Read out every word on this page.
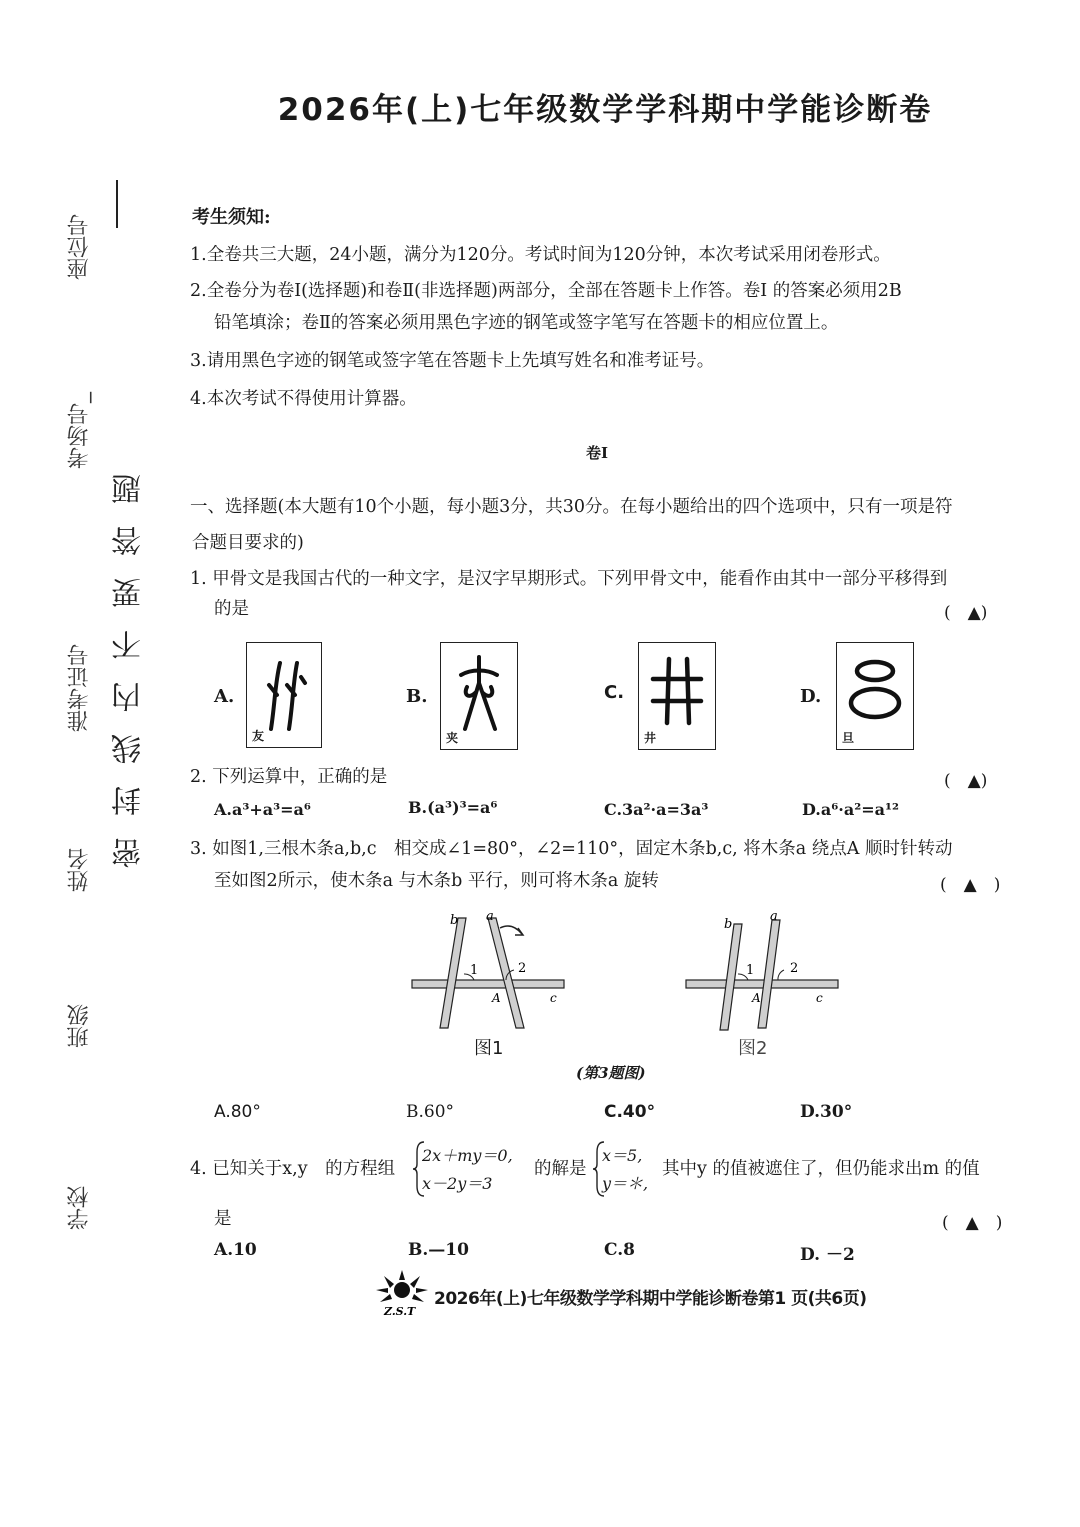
2026年(上)七年级数学学科期中学能诊断卷
座位号
考场号_
准考证号
姓名
班级
学校
密封线内不要答题
考生须知:
1.全卷共三大题，24小题，满分为120分。考试时间为120分钟，本次考试采用闭卷形式。
2.全卷分为卷Ⅰ(选择题)和卷Ⅱ(非选择题)两部分，全部在答题卡上作答。卷I 的答案必须用2B
铅笔填涂；卷Ⅱ的答案必须用黑色字迹的钢笔或签字笔写在答题卡的相应位置上。
3.请用黑色字迹的钢笔或签字笔在答题卡上先填写姓名和准考证号。
4.本次考试不得使用计算器。
卷Ⅰ
一、选择题(本大题有10个小题，每小题3分，共30分。在每小题给出的四个选项中，只有一项是符
合题目要求的)
1. 甲骨文是我国古代的一种文字，是汉字早期形式。下列甲骨文中，能看作由其中一部分平移得到
的是	(　▲)
A.
友
B.
夹
C.
井
D.
旦
2. 下列运算中，正确的是	(　▲)
A.a³+a³=a⁶	B.(a³)³=a⁶	C.3a²·a=3a³	D.a⁶·a²=a¹²
3. 如图1,三根木条a,b,c　相交成∠1=80°，∠2=110°，固定木条b,c, 将木条a 绕点A 顺时针转动
至如图2所示，使木条a 与木条b 平行，则可将木条a 旋转	(　▲　)
b a
1	2
A	c
图1
b
a
1	2
A	c
图2
(第3题图)
A.80°	B.60°	C.40°	D.30°
4. 已知关于x,y　的方程组
2x＋my＝0,
x－2y＝3
的解是
x＝5,
y＝＊,
其中y 的值被遮住了，但仍能求出m 的值
是	(　▲　)
A.10	B.—10	C.8	D. －2
Z.S.T
2026年(上)七年级数学学科期中学能诊断卷第1 页(共6页)
